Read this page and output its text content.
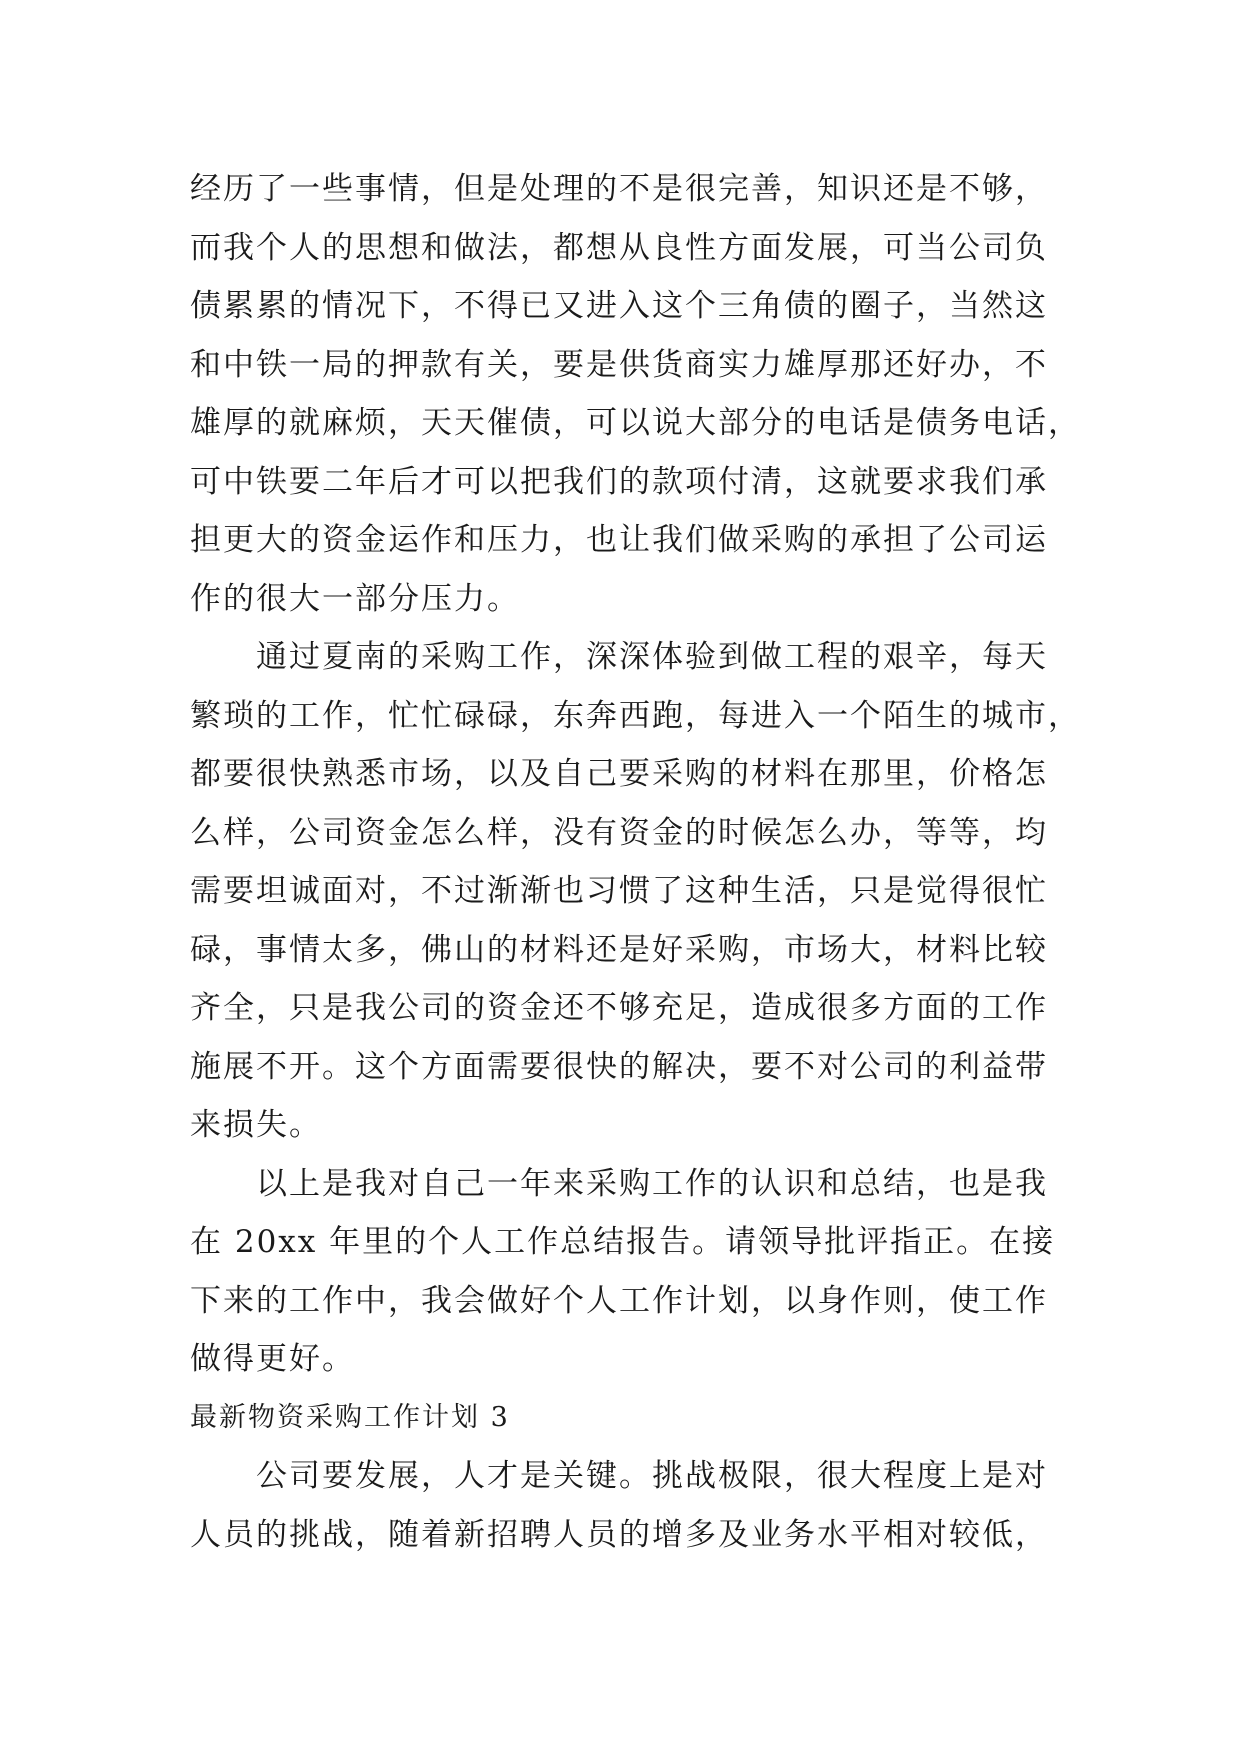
经历了一些事情，但是处理的不是很完善，知识还是不够，
而我个人的思想和做法，都想从良性方面发展，可当公司负
债累累的情况下，不得已又进入这个三角债的圈子，当然这
和中铁一局的押款有关，要是供货商实力雄厚那还好办，不
雄厚的就麻烦，天天催债，可以说大部分的电话是债务电话，
可中铁要二年后才可以把我们的款项付清，这就要求我们承
担更大的资金运作和压力，也让我们做采购的承担了公司运
作的很大一部分压力。
通过夏南的采购工作，深深体验到做工程的艰辛，每天
繁琐的工作，忙忙碌碌，东奔西跑，每进入一个陌生的城市，
都要很快熟悉市场，以及自己要采购的材料在那里，价格怎
么样，公司资金怎么样，没有资金的时候怎么办，等等，均
需要坦诚面对，不过渐渐也习惯了这种生活，只是觉得很忙
碌，事情太多，佛山的材料还是好采购，市场大，材料比较
齐全，只是我公司的资金还不够充足，造成很多方面的工作
施展不开。这个方面需要很快的解决，要不对公司的利益带
来损失。
以上是我对自己一年来采购工作的认识和总结，也是我
在 20xx 年里的个人工作总结报告。请领导批评指正。在接
下来的工作中，我会做好个人工作计划，以身作则，使工作
做得更好。
最新物资采购工作计划 3
公司要发展，人才是关键。挑战极限，很大程度上是对
人员的挑战，随着新招聘人员的增多及业务水平相对较低，
